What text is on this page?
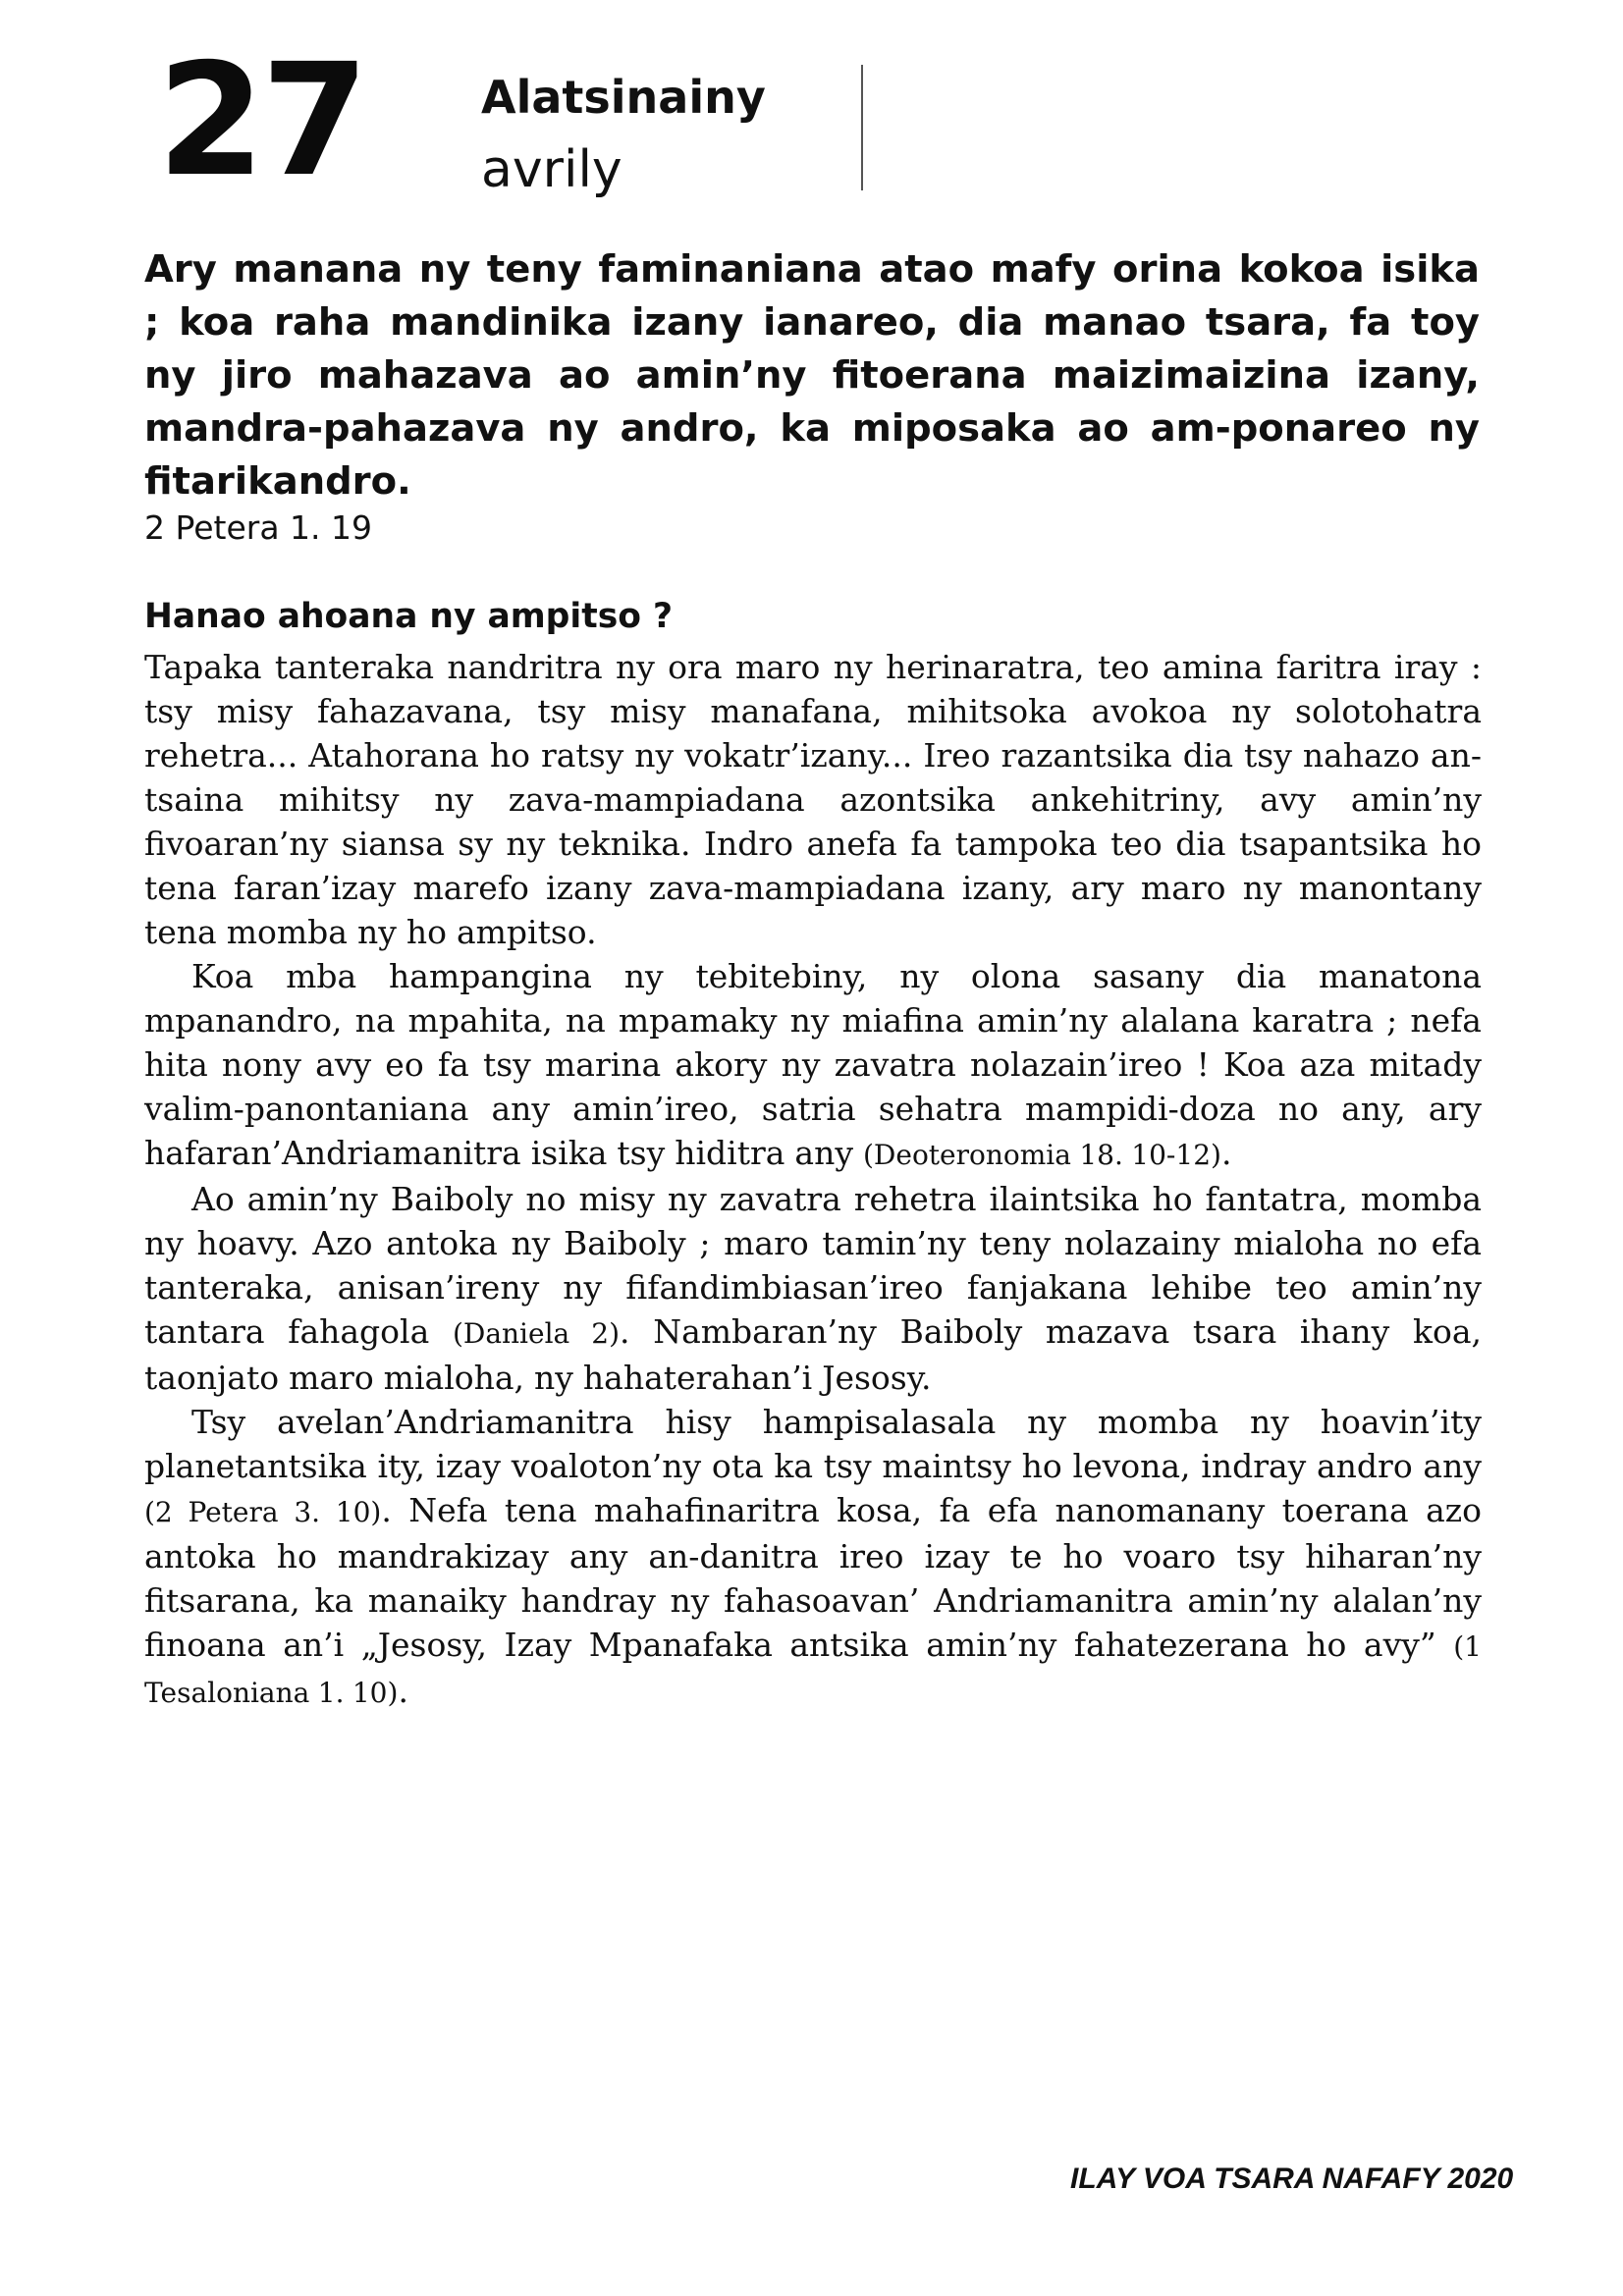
27	Alatsinainy
avrily

Ary manana ny teny faminaniana atao mafy orina kokoa isika ; koa raha mandinika izany ianareo, dia manao tsara, fa toy ny jiro mahazava ao amin’ny fitoerana maizimaizina izany, mandra-pahazava ny andro, ka miposaka ao am-ponareo ny fitarikandro.

2 Petera 1. 19
Hanao ahoana ny ampitso ?

Tapaka tanteraka nandritra ny ora maro ny herinaratra, teo amina faritra iray : tsy misy fahazavana, tsy misy manafana, mihitsoka avokoa ny solotohatra rehetra... Atahorana ho ratsy ny vokatr’izany... Ireo razantsika dia tsy nahazo an-tsaina mihitsy ny zava-mampiadana azontsika ankehitriny, avy amin’ny fivoaran’ny siansa sy ny teknika. Indro anefa fa tampoka teo dia tsapantsika ho tena faran’izay marefo izany zava-mampiadana izany, ary maro ny manontany tena momba ny ho ampitso.

Koa mba hampangina ny tebitebiny, ny olona sasany dia manatona mpanandro, na mpahita, na mpamaky ny miafina amin’ny alalana karatra ; nefa hita nony avy eo fa tsy marina akory ny zavatra nolazain’ireo ! Koa aza mitady valim-panontaniana any amin’ireo, satria sehatra mampidi-doza no any, ary hafaran’Andriamanitra isika tsy hiditra any (Deoteronomia 18. 10-12).

Ao amin’ny Baiboly no misy ny zavatra rehetra ilaintsika ho fantatra, momba ny hoavy. Azo antoka ny Baiboly ; maro tamin’ny teny nolazainy mialoha no efa tanteraka, anisan’ireny ny fifandimbiasan’ireo fanjakana lehibe teo amin’ny tantara fahagola (Daniela 2). Nambaran’ny Baiboly mazava tsara ihany koa, taonjato maro mialoha, ny hahaterahan’i Jesosy.

Tsy avelan’Andriamanitra hisy hampisalasala ny momba ny hoavin’ity planetantsika ity, izay voaloton’ny ota ka tsy maintsy ho levona, indray andro any (2 Petera 3. 10). Nefa tena mahafinaritra kosa, fa efa nanomanany toerana azo antoka ho mandrakizay any an-danitra ireo izay te ho voaro tsy hiharan’ny fitsarana, ka manaiky handray ny fahasoavan’ Andriamanitra amin’ny alalan’ny finoana an’i „Jesosy, Izay Mpanafaka antsika amin’ny fahatezerana ho avy” (1 Tesaloniana 1. 10).

ILAY VOA TSARA NAFAFY 2020
